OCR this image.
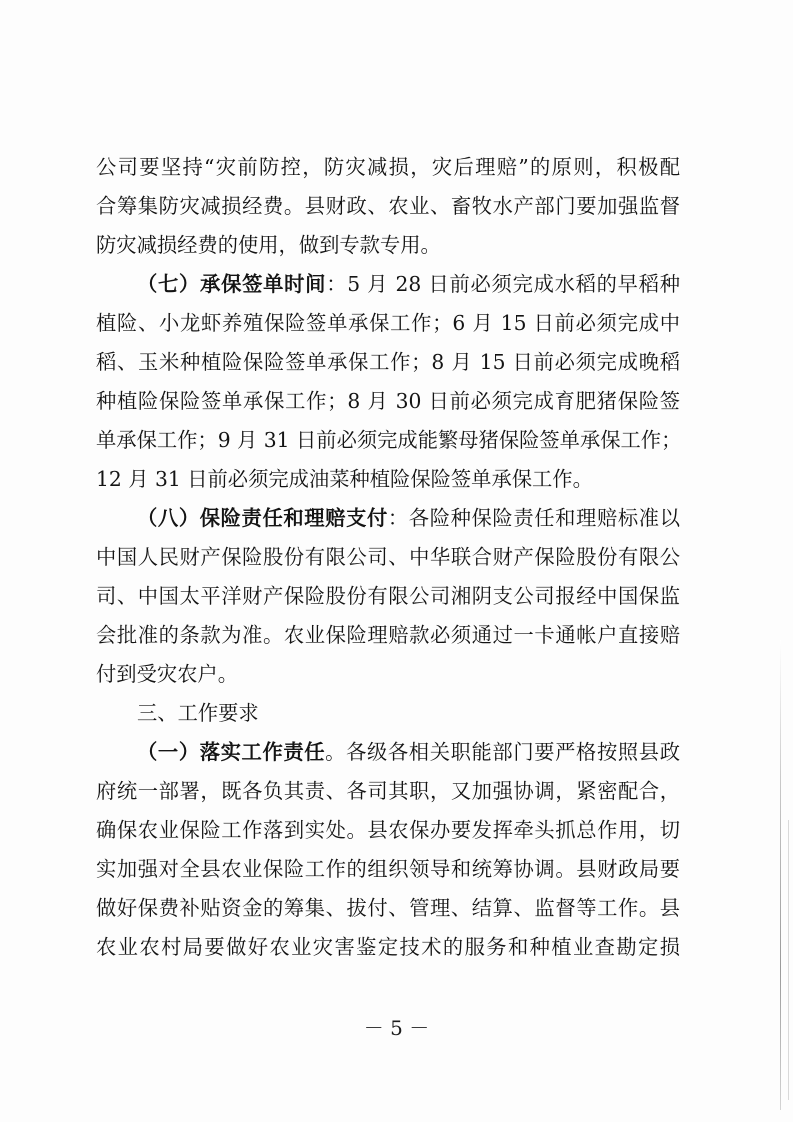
公司要坚持“灾前防控，防灾减损，灾后理赔”的原则，积极配
合筹集防灾减损经费。县财政、农业、畜牧水产部门要加强监督
防灾减损经费的使用，做到专款专用。
（七）承保签单时间：5 月 28 日前必须完成水稻的早稻种
植险、小龙虾养殖保险签单承保工作；6 月 15 日前必须完成中
稻、玉米种植险保险签单承保工作；8 月 15 日前必须完成晚稻
种植险保险签单承保工作；8 月 30 日前必须完成育肥猪保险签
单承保工作；9 月 31 日前必须完成能繁母猪保险签单承保工作；
12 月 31 日前必须完成油菜种植险保险签单承保工作。
（八）保险责任和理赔支付：各险种保险责任和理赔标准以
中国人民财产保险股份有限公司、中华联合财产保险股份有限公
司、中国太平洋财产保险股份有限公司湘阴支公司报经中国保监
会批准的条款为准。农业保险理赔款必须通过一卡通帐户直接赔
付到受灾农户。
三、工作要求
（一）落实工作责任。各级各相关职能部门要严格按照县政
府统一部署，既各负其责、各司其职，又加强协调，紧密配合，
确保农业保险工作落到实处。县农保办要发挥牵头抓总作用，切
实加强对全县农业保险工作的组织领导和统筹协调。县财政局要
做好保费补贴资金的筹集、拔付、管理、结算、监督等工作。县
农业农村局要做好农业灾害鉴定技术的服务和种植业查勘定损
－ 5 －
